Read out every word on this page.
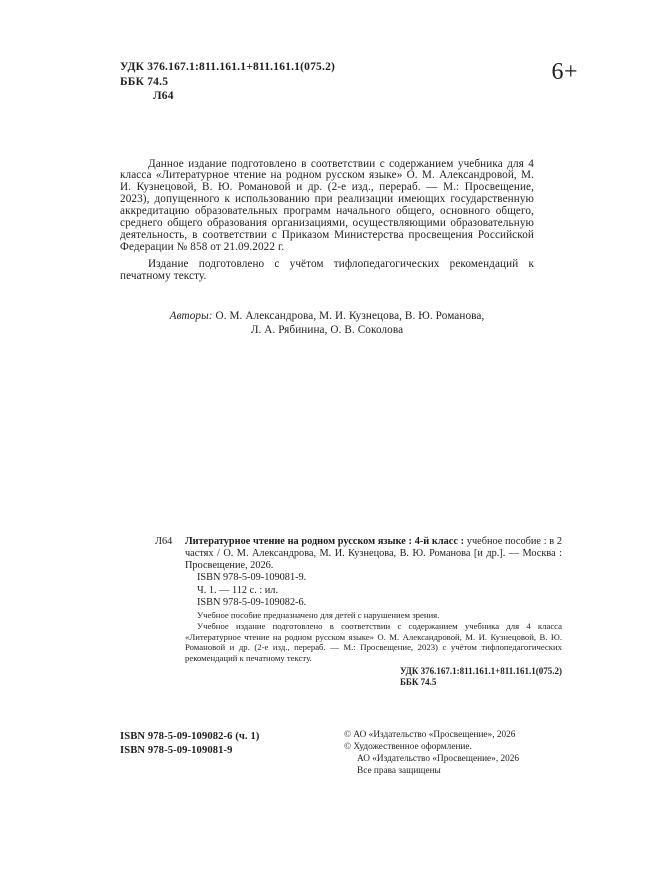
УДК 376.167.1:811.161.1+811.161.1(075.2)
ББК 74.5
Л64
6+

Данное издание подготовлено в соответствии с содержанием учебника для 4 класса «Литературное чтение на родном русском языке» О. М. Александровой, М. И. Кузнецовой, В. Ю. Романовой и др. (2-е изд., перераб. — М.: Просвещение, 2023), допущенного к использованию при реализации имеющих государственную аккредитацию образовательных программ начального общего, основного общего, среднего общего образования организациями, осуществляющими образовательную деятельность, в соответствии с Приказом Министерства просвещения Российской Федерации № 858 от 21.09.2022 г.

Издание подготовлено с учётом тифлопедагогических рекомендаций к печатному тексту.

Авторы: О. М. Александрова, М. И. Кузнецова, В. Ю. Романова,
Л. А. Рябинина, О. В. Соколова

Л64	Литературное чтение на родном русском языке : 4-й класс : учебное пособие : в 2 частях / О. М. Александрова, М. И. Кузнецова, В. Ю. Романова [и др.]. — Москва : Просвещение, 2026.

ISBN 978-5-09-109081-9.
Ч. 1. — 112 с. : ил.
ISBN 978-5-09-109082-6.
Учебное пособие предназначено для детей с нарушением зрения.

Учебное издание подготовлено в соответствии с содержанием учебника для 4 класса «Литературное чтение на родном русском языке» О. М. Александровой, М. И. Кузнецовой, В. Ю. Романовой и др. (2-е изд., перераб. — М.: Просвещение, 2023) с учётом тифлопедагогических рекомендаций к печатному тексту.

УДК 376.167.1:811.161.1+811.161.1(075.2)
ББК 74.5
ISBN 978-5-09-109082-6 (ч. 1)
ISBN 978-5-09-109081-9
© АО «Издательство «Просвещение», 2026
© Художественное оформление.
АО «Издательство «Просвещение», 2026
Все права защищены
